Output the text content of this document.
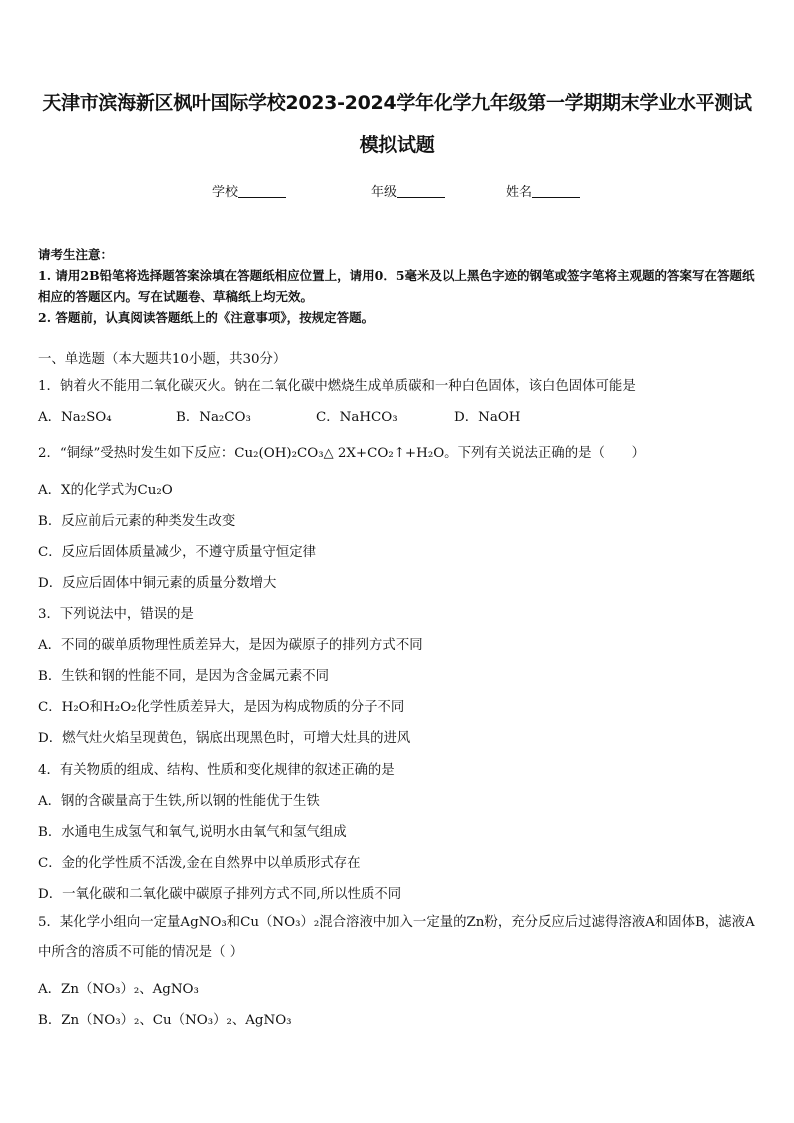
天津市滨海新区枫叶国际学校2023-2024学年化学九年级第一学期期末学业水平测试
模拟试题
学校	年级	姓名
请考生注意：
1. 请用2B铅笔将选择题答案涂填在答题纸相应位置上，请用0．5毫米及以上黑色字迹的钢笔或签字笔将主观题的答案写在答题纸相应的答题区内。写在试题卷、草稿纸上均无效。
2. 答题前，认真阅读答题纸上的《注意事项》，按规定答题。
一、单选题（本大题共10小题，共30分）
1．钠着火不能用二氧化碳灭火。钠在二氧化碳中燃烧生成单质碳和一种白色固体，该白色固体可能是
A．Na₂SO₄	B．Na₂CO₃	C．NaHCO₃	D．NaOH
2．“铜绿”受热时发生如下反应：Cu₂(OH)₂CO₃△ 2X+CO₂↑+H₂O。下列有关说法正确的是（　　）
A．X的化学式为Cu₂O
B．反应前后元素的种类发生改变
C．反应后固体质量减少，不遵守质量守恒定律
D．反应后固体中铜元素的质量分数增大
3．下列说法中，错误的是
A．不同的碳单质物理性质差异大，是因为碳原子的排列方式不同
B．生铁和钢的性能不同，是因为含金属元素不同
C．H₂O和H₂O₂化学性质差异大，是因为构成物质的分子不同
D．燃气灶火焰呈现黄色，锅底出现黑色时，可增大灶具的进风
4．有关物质的组成、结构、性质和变化规律的叙述正确的是
A．钢的含碳量高于生铁,所以钢的性能优于生铁
B．水通电生成氢气和氧气,说明水由氧气和氢气组成
C．金的化学性质不活泼,金在自然界中以单质形式存在
D．一氧化碳和二氧化碳中碳原子排列方式不同,所以性质不同
5．某化学小组向一定量AgNO₃和Cu（NO₃）₂混合溶液中加入一定量的Zn粉，充分反应后过滤得溶液A和固体B，滤液A中所含的溶质不可能的情况是（ ）
A．Zn（NO₃）₂、AgNO₃
B．Zn（NO₃）₂、Cu（NO₃）₂、AgNO₃
